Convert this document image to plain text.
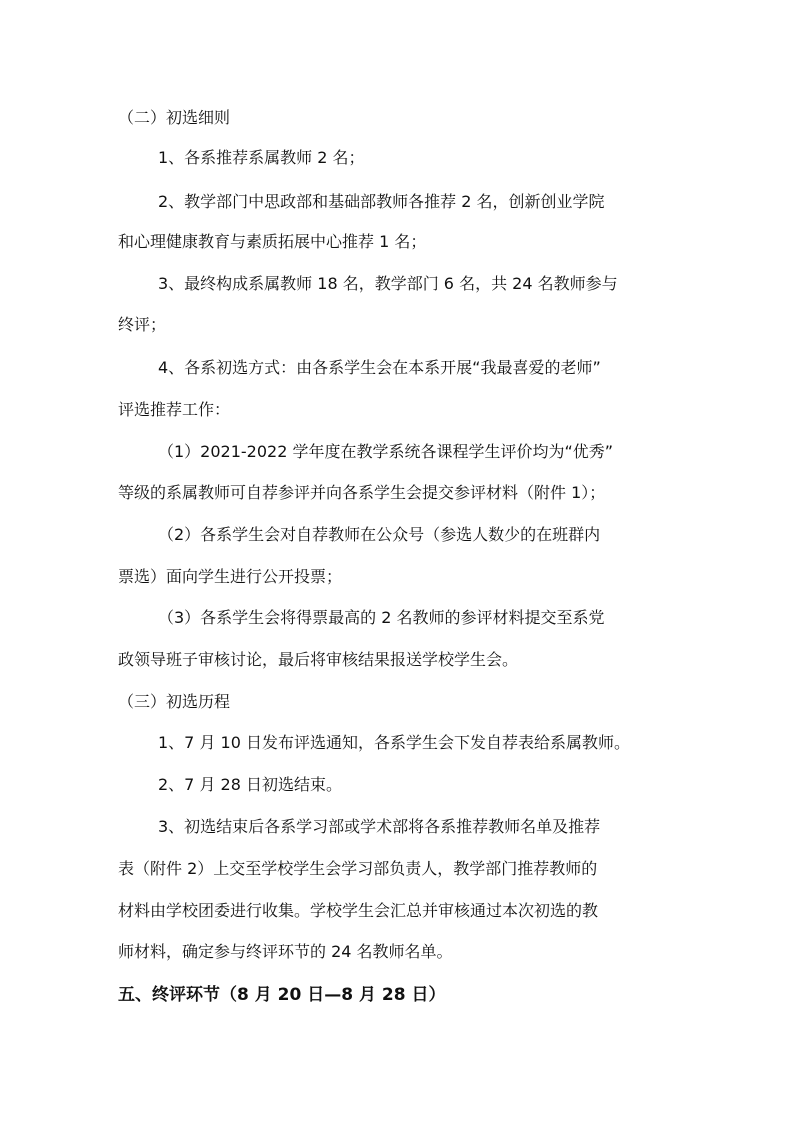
（二）初选细则
1、各系推荐系属教师 2 名；
2、教学部门中思政部和基础部教师各推荐 2 名，创新创业学院
和心理健康教育与素质拓展中心推荐 1 名；
3、最终构成系属教师 18 名，教学部门 6 名，共 24 名教师参与
终评；
4、各系初选方式：由各系学生会在本系开展“我最喜爱的老师”
评选推荐工作：
（1）2021-2022 学年度在教学系统各课程学生评价均为“优秀”
等级的系属教师可自荐参评并向各系学生会提交参评材料（附件 1）；
（2）各系学生会对自荐教师在公众号（参选人数少的在班群内
票选）面向学生进行公开投票；
（3）各系学生会将得票最高的 2 名教师的参评材料提交至系党
政领导班子审核讨论，最后将审核结果报送学校学生会。
（三）初选历程
1、7 月 10 日发布评选通知，各系学生会下发自荐表给系属教师。
2、7 月 28 日初选结束。
3、初选结束后各系学习部或学术部将各系推荐教师名单及推荐
表（附件 2）上交至学校学生会学习部负责人，教学部门推荐教师的
材料由学校团委进行收集。学校学生会汇总并审核通过本次初选的教
师材料，确定参与终评环节的 24 名教师名单。
五、终评环节（8 月 20 日—8 月 28 日）
